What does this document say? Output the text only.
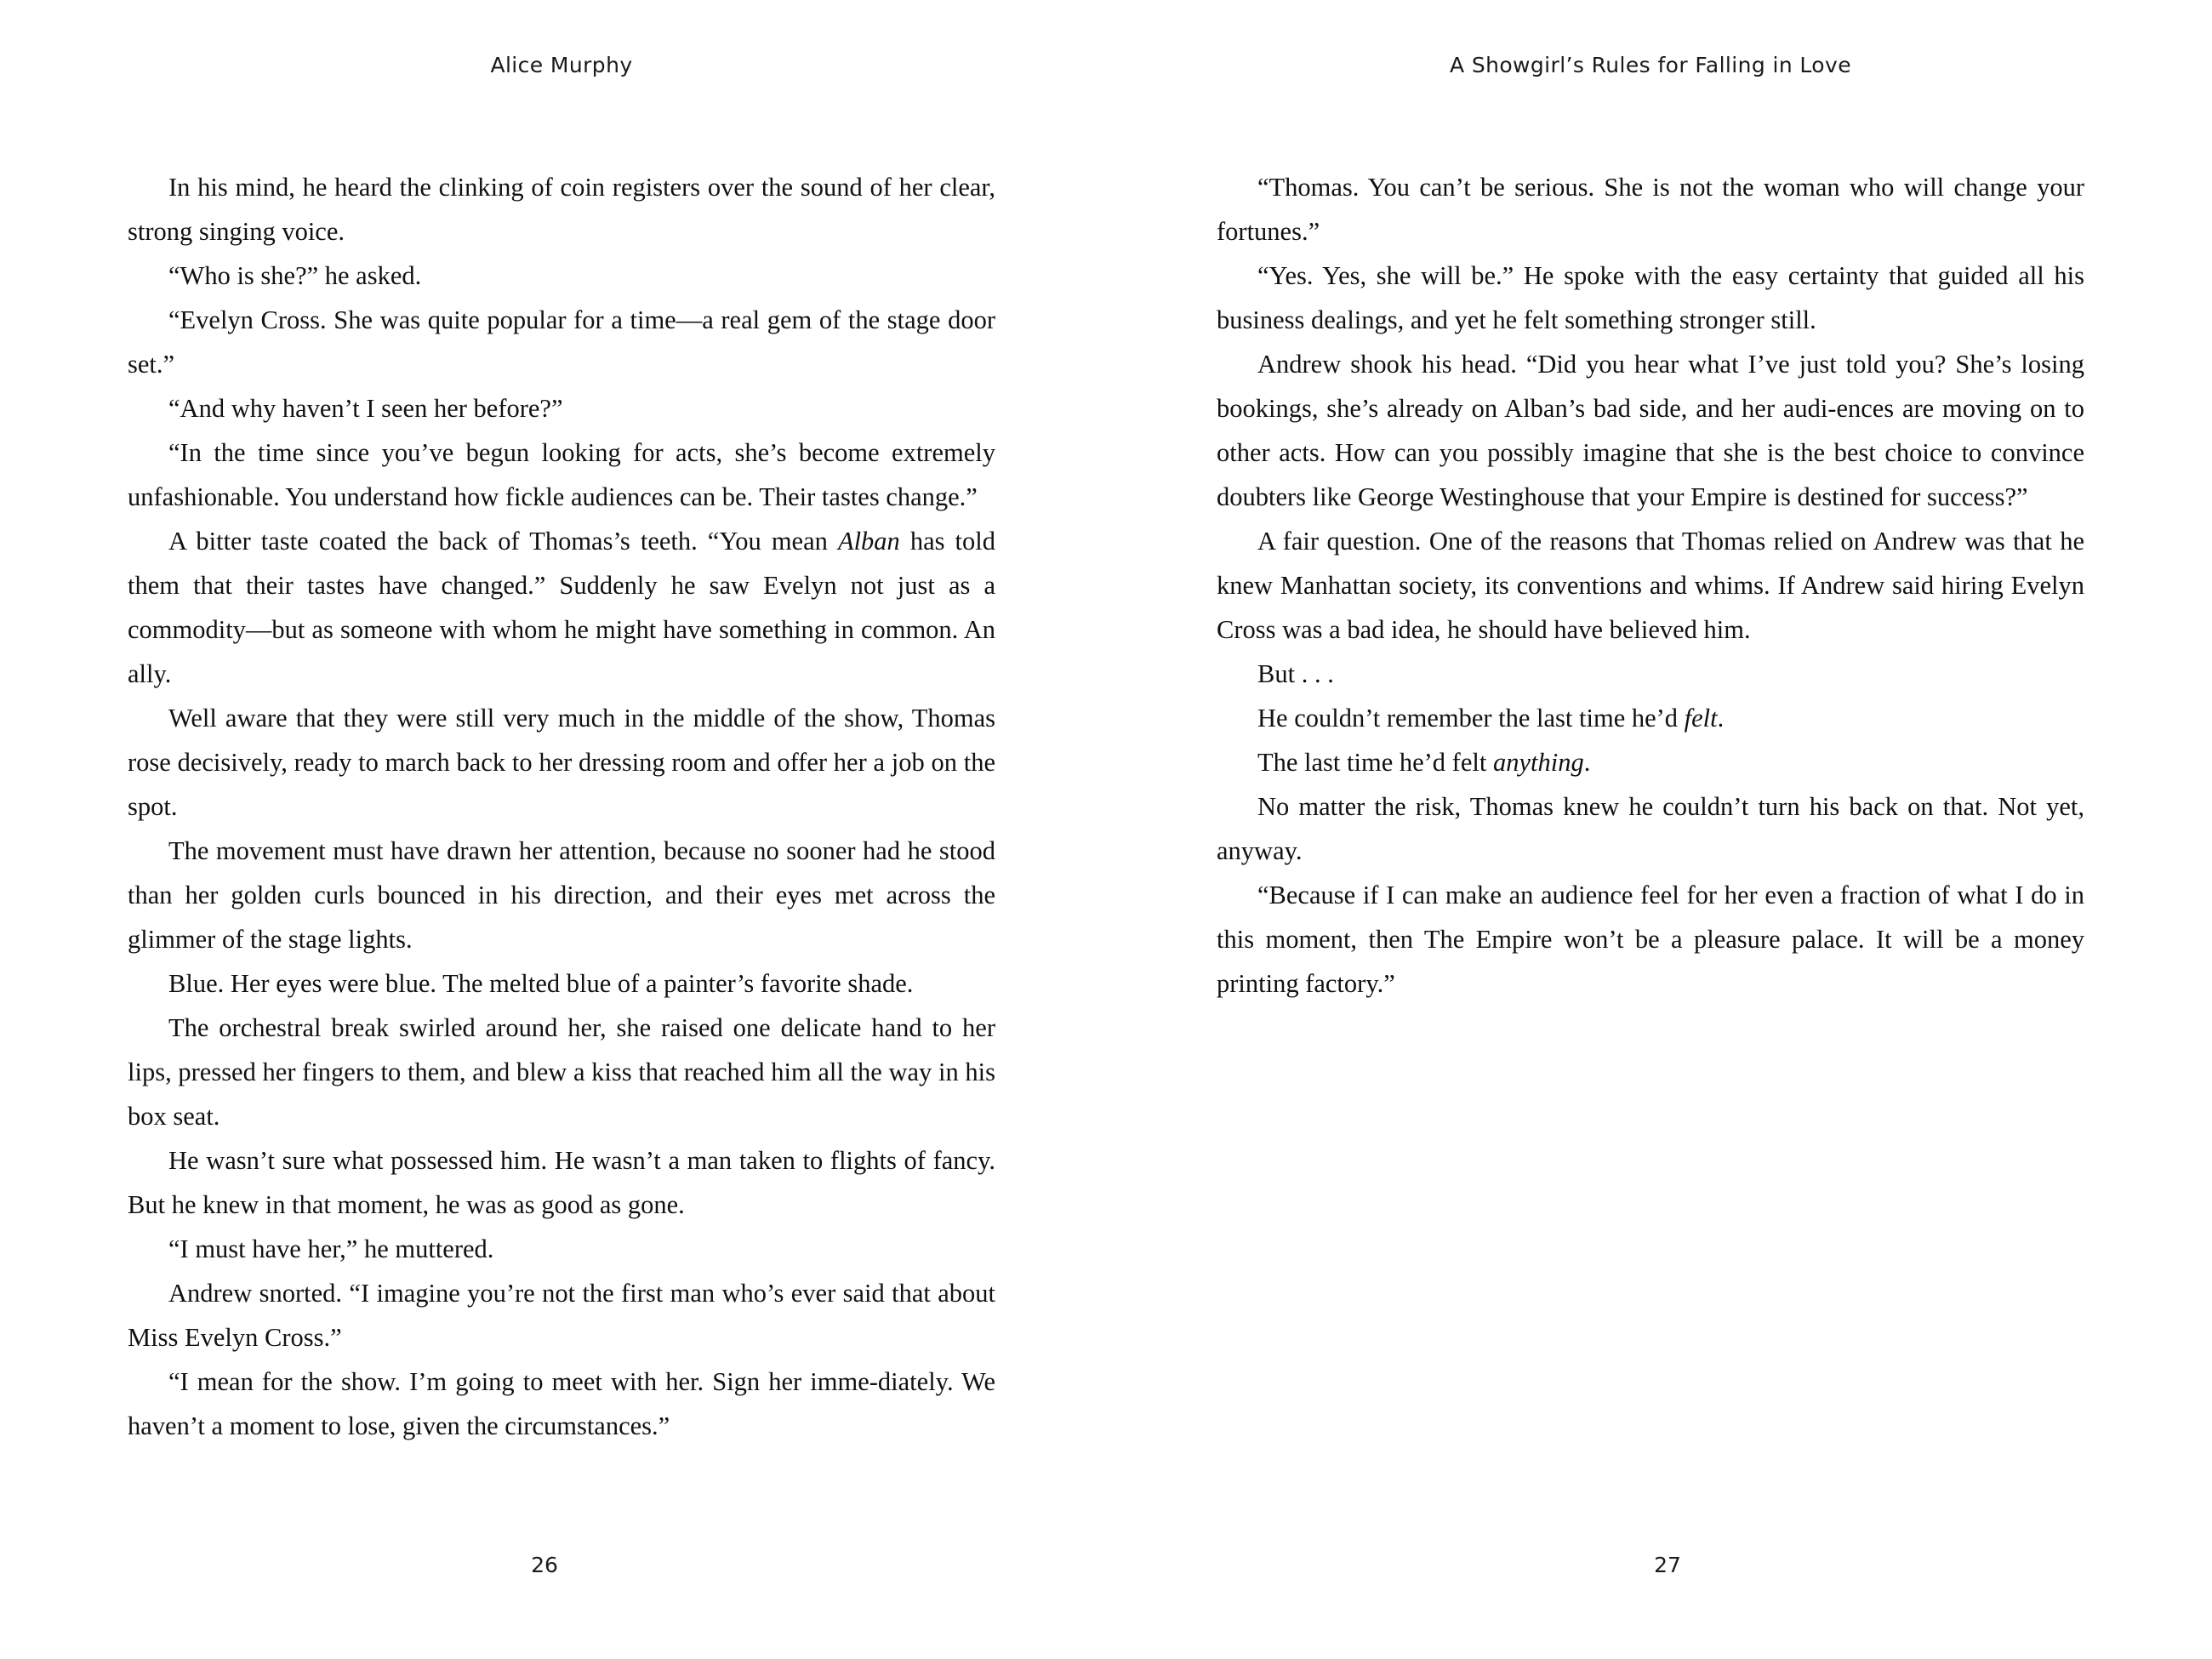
Alice Murphy

In his mind, he heard the clinking of coin registers over the sound of her clear, strong singing voice.

“Who is she?” he asked.

“Evelyn Cross. She was quite popular for a time—a real gem of the stage door set.”

“And why haven’t I seen her before?”

“In the time since you’ve begun looking for acts, she’s become extremely unfashionable. You understand how fickle audiences can be. Their tastes change.”

A bitter taste coated the back of Thomas’s teeth. “You mean Alban has told them that their tastes have changed.” Suddenly he saw Evelyn not just as a commodity—but as someone with whom he might have something in common. An ally.

Well aware that they were still very much in the middle of the show, Thomas rose decisively, ready to march back to her dressing room and offer her a job on the spot.

The movement must have drawn her attention, because no sooner had he stood than her golden curls bounced in his direction, and their eyes met across the glimmer of the stage lights.

Blue. Her eyes were blue. The melted blue of a painter’s favorite shade.

The orchestral break swirled around her, she raised one delicate hand to her lips, pressed her fingers to them, and blew a kiss that reached him all the way in his box seat.

He wasn’t sure what possessed him. He wasn’t a man taken to flights of fancy. But he knew in that moment, he was as good as gone.

“I must have her,” he muttered.

Andrew snorted. “I imagine you’re not the first man who’s ever said that about Miss Evelyn Cross.”

“I mean for the show. I’m going to meet with her. Sign her imme-diately. We haven’t a moment to lose, given the circumstances.”

26
A Showgirl’s Rules for Falling in Love

“Thomas. You can’t be serious. She is not the woman who will change your fortunes.”

“Yes. Yes, she will be.” He spoke with the easy certainty that guided all his business dealings, and yet he felt something stronger still.

Andrew shook his head. “Did you hear what I’ve just told you? She’s losing bookings, she’s already on Alban’s bad side, and her audi-ences are moving on to other acts. How can you possibly imagine that she is the best choice to convince doubters like George Westinghouse that your Empire is destined for success?”

A fair question. One of the reasons that Thomas relied on Andrew was that he knew Manhattan society, its conventions and whims. If Andrew said hiring Evelyn Cross was a bad idea, he should have believed him.

But . . .

He couldn’t remember the last time he’d felt.

The last time he’d felt anything.

No matter the risk, Thomas knew he couldn’t turn his back on that. Not yet, anyway.

“Because if I can make an audience feel for her even a fraction of what I do in this moment, then The Empire won’t be a pleasure palace. It will be a money printing factory.”

27
